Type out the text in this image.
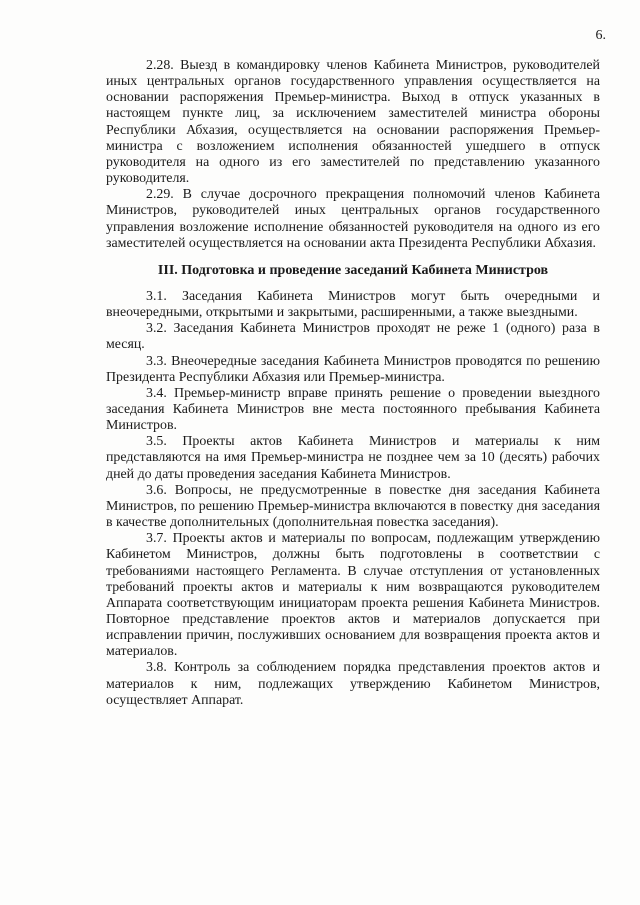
6.

2.28. Выезд в командировку членов Кабинета Министров, руководителей иных центральных органов государственного управления осуществляется на основании распоряжения Премьер-министра. Выход в отпуск указанных в настоящем пункте лиц, за исключением заместителей министра обороны Республики Абхазия, осуществляется на основании распоряжения Премьер-министра с возложением исполнения обязанностей ушедшего в отпуск руководителя на одного из его заместителей по представлению указанного руководителя.

2.29. В случае досрочного прекращения полномочий членов Кабинета Министров, руководителей иных центральных органов государственного управления возложение исполнение обязанностей руководителя на одного из его заместителей осуществляется на основании акта Президента Республики Абхазия.

III. Подготовка и проведение заседаний Кабинета Министров

3.1. Заседания Кабинета Министров могут быть очередными и внеочередными, открытыми и закрытыми, расширенными, а также выездными.

3.2. Заседания Кабинета Министров проходят не реже 1 (одного) раза в месяц.

3.3. Внеочередные заседания Кабинета Министров проводятся по решению Президента Республики Абхазия или Премьер-министра.

3.4. Премьер-министр вправе принять решение о проведении выездного заседания Кабинета Министров вне места постоянного пребывания Кабинета Министров.

3.5. Проекты актов Кабинета Министров и материалы к ним представляются на имя Премьер-министра не позднее чем за 10 (десять) рабочих дней до даты проведения заседания Кабинета Министров.

3.6. Вопросы, не предусмотренные в повестке дня заседания Кабинета Министров, по решению Премьер-министра включаются в повестку дня заседания в качестве дополнительных (дополнительная повестка заседания).

3.7. Проекты актов и материалы по вопросам, подлежащим утверждению Кабинетом Министров, должны быть подготовлены в соответствии с требованиями настоящего Регламента. В случае отступления от установленных требований проекты актов и материалы к ним возвращаются руководителем Аппарата соответствующим инициаторам проекта решения Кабинета Министров. Повторное представление проектов актов и материалов допускается при исправлении причин, послуживших основанием для возвращения проекта актов и материалов.

3.8. Контроль за соблюдением порядка представления проектов актов и материалов к ним, подлежащих утверждению Кабинетом Министров, осуществляет Аппарат.
